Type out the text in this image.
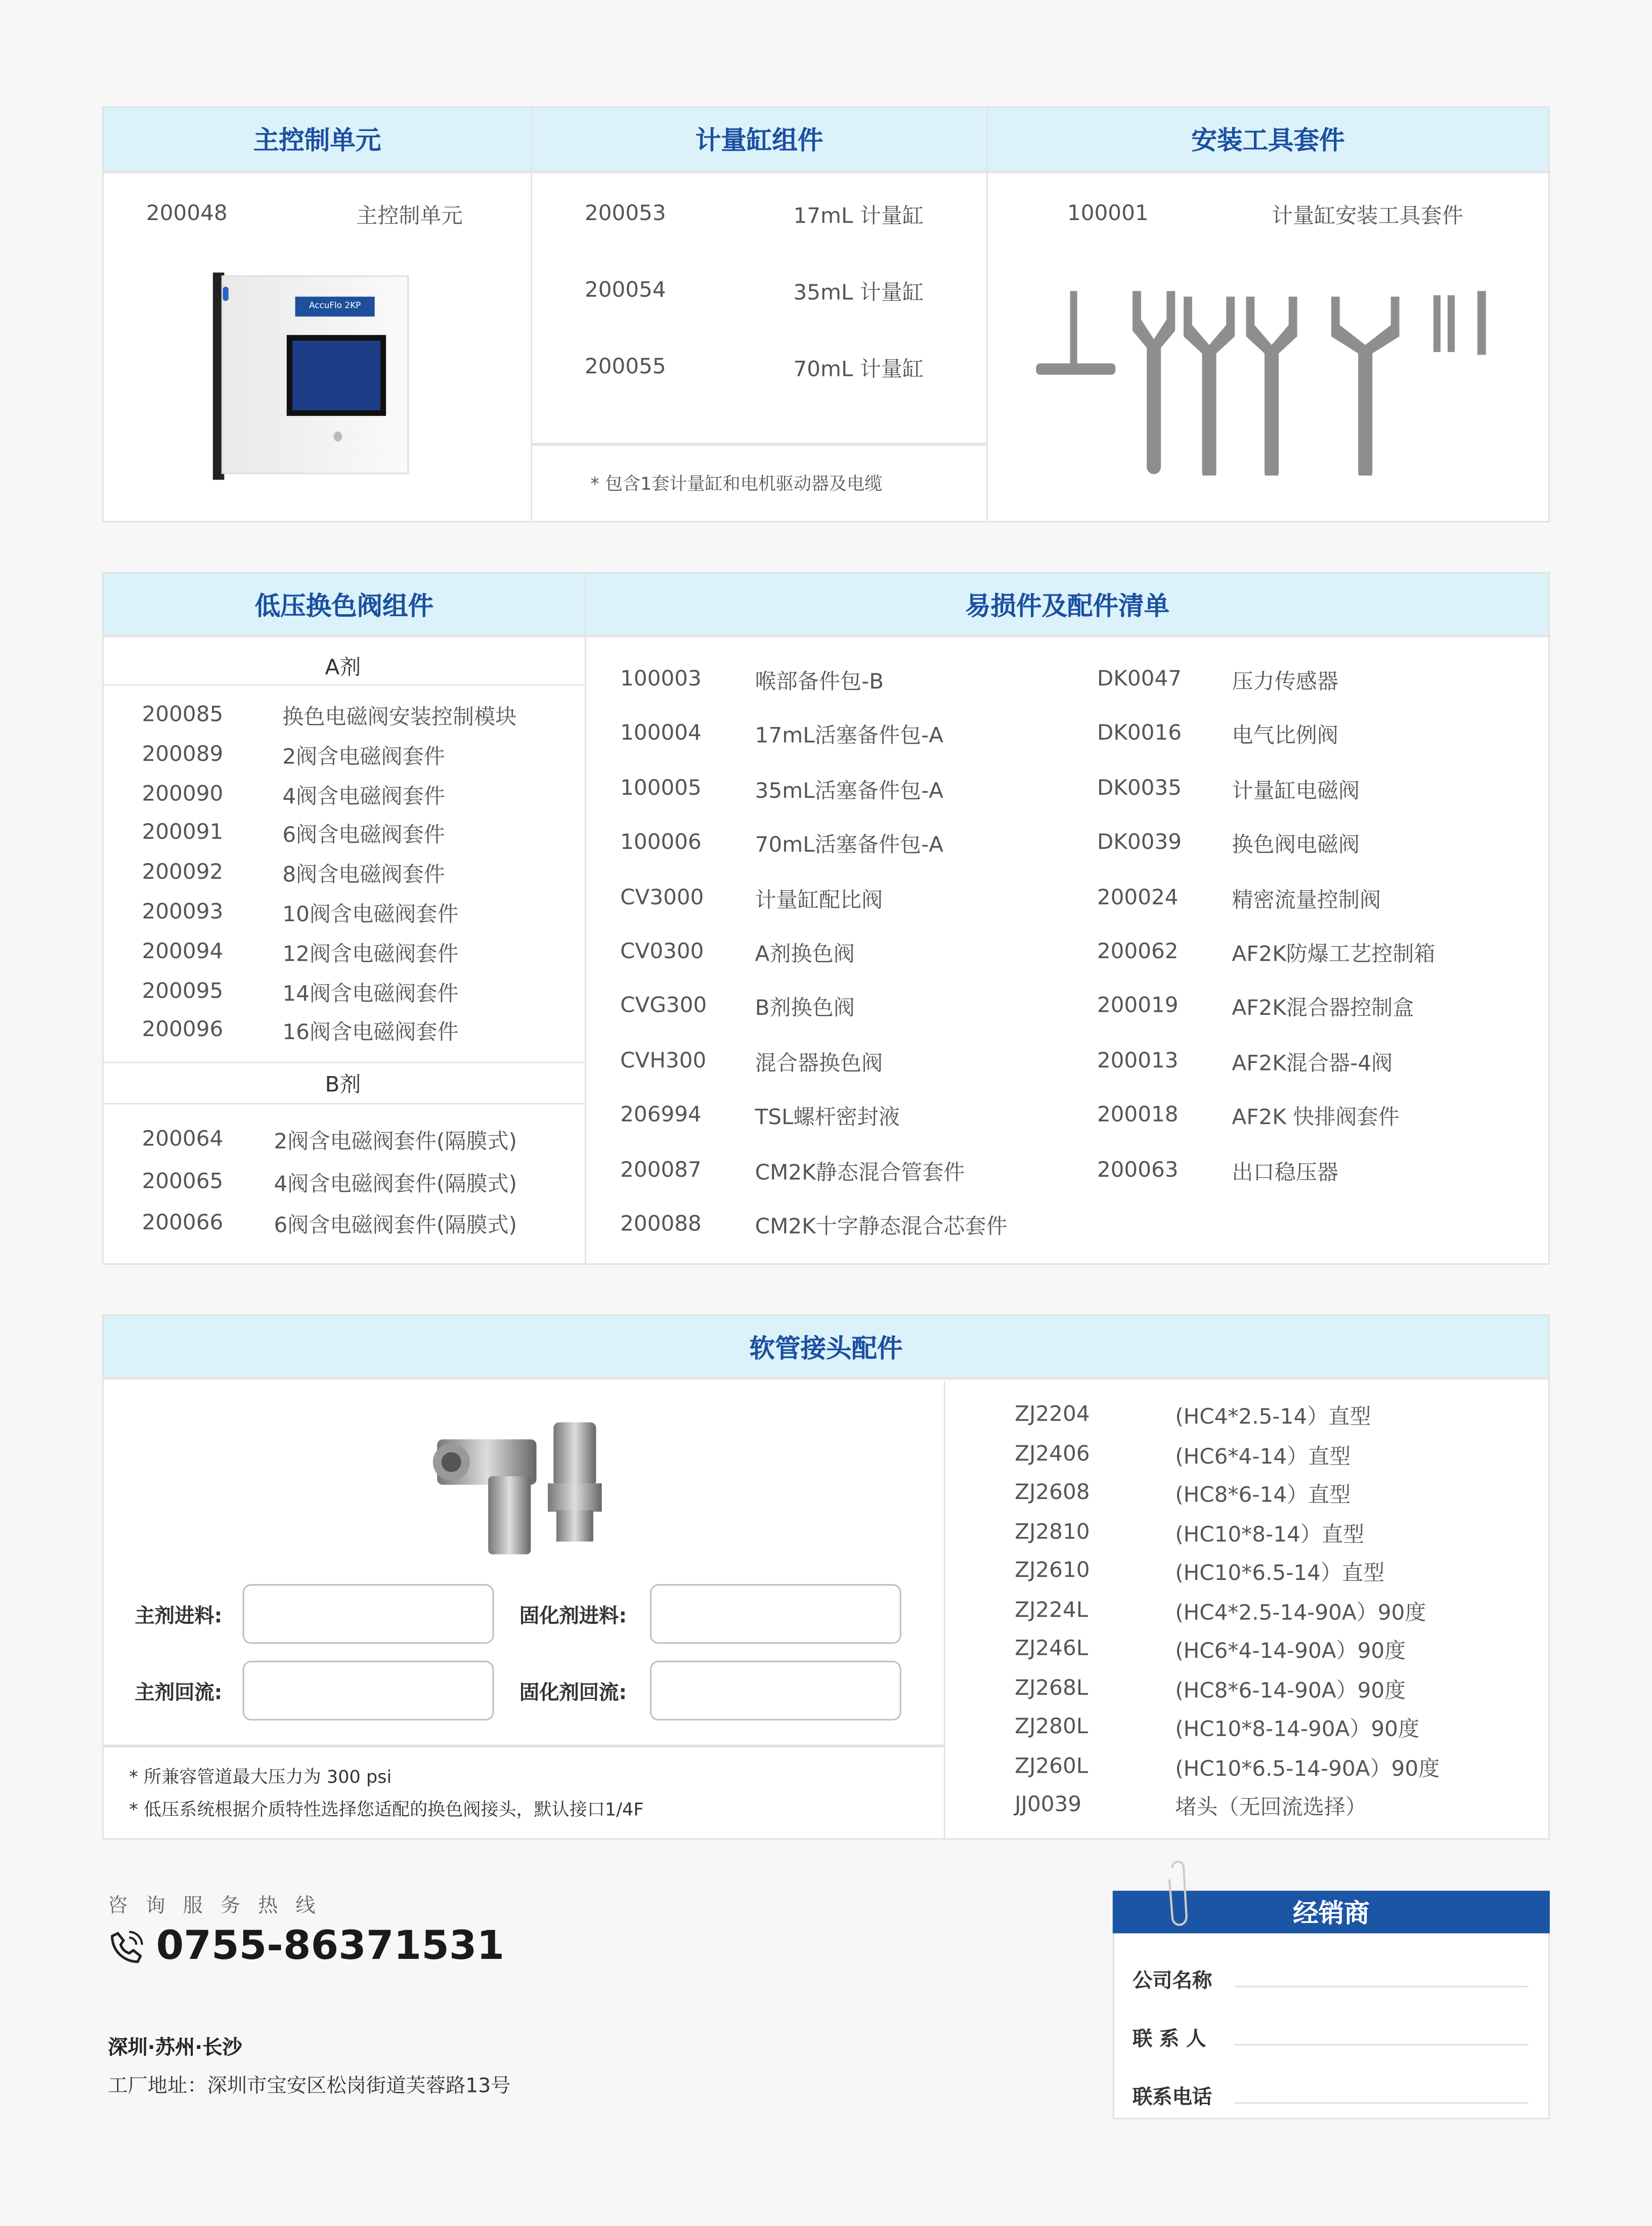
主控制单元	计量缸组件	安装工具套件
200048	主控制单元
AccuFlo 2KP
200053	17mL 计量缸
200054	35mL 计量缸
200055	70mL 计量缸
* 包含1套计量缸和电机驱动器及电缆
100001	计量缸安装工具套件
低压换色阀组件	易损件及配件清单
A剂
B剂
200085	换色电磁阀安装控制模块
200089	2阀含电磁阀套件
200090	4阀含电磁阀套件
200091	6阀含电磁阀套件
200092	8阀含电磁阀套件
200093	10阀含电磁阀套件
200094	12阀含电磁阀套件
200095	14阀含电磁阀套件
200096	16阀含电磁阀套件
200064	2阀含电磁阀套件(隔膜式)
200065	4阀含电磁阀套件(隔膜式)
200066	6阀含电磁阀套件(隔膜式)
100003	喉部备件包-B
100004	17mL活塞备件包-A
100005	35mL活塞备件包-A
100006	70mL活塞备件包-A
CV3000	计量缸配比阀
CV0300	A剂换色阀
CVG300	B剂换色阀
CVH300	混合器换色阀
206994	TSL螺杆密封液
200087	CM2K静态混合管套件
200088	CM2K十字静态混合芯套件
DK0047	压力传感器
DK0016	电气比例阀
DK0035	计量缸电磁阀
DK0039	换色阀电磁阀
200024	精密流量控制阀
200062	AF2K防爆工艺控制箱
200019	AF2K混合器控制盒
200013	AF2K混合器-4阀
200018	AF2K 快排阀套件
200063	出口稳压器
软管接头配件
主剂进料:	固化剂进料:
主剂回流:	固化剂回流:
* 所兼容管道最大压力为 300 psi
* 低压系统根据介质特性选择您适配的换色阀接头，默认接口1/4F
ZJ2204	(HC4*2.5-14）直型
ZJ2406	(HC6*4-14）直型
ZJ2608	(HC8*6-14）直型
ZJ2810	(HC10*8-14）直型
ZJ2610	(HC10*6.5-14）直型
ZJ224L	(HC4*2.5-14-90A）90度
ZJ246L	(HC6*4-14-90A）90度
ZJ268L	(HC8*6-14-90A）90度
ZJ280L	(HC10*8-14-90A）90度
ZJ260L	(HC10*6.5-14-90A）90度
JJ0039	堵头（无回流选择）
咨 询 服 务 热 线
0755-86371531
深圳·苏州·长沙
工厂地址：深圳市宝安区松岗街道芙蓉路13号
经销商
公司名称
联 系 人
联系电话
